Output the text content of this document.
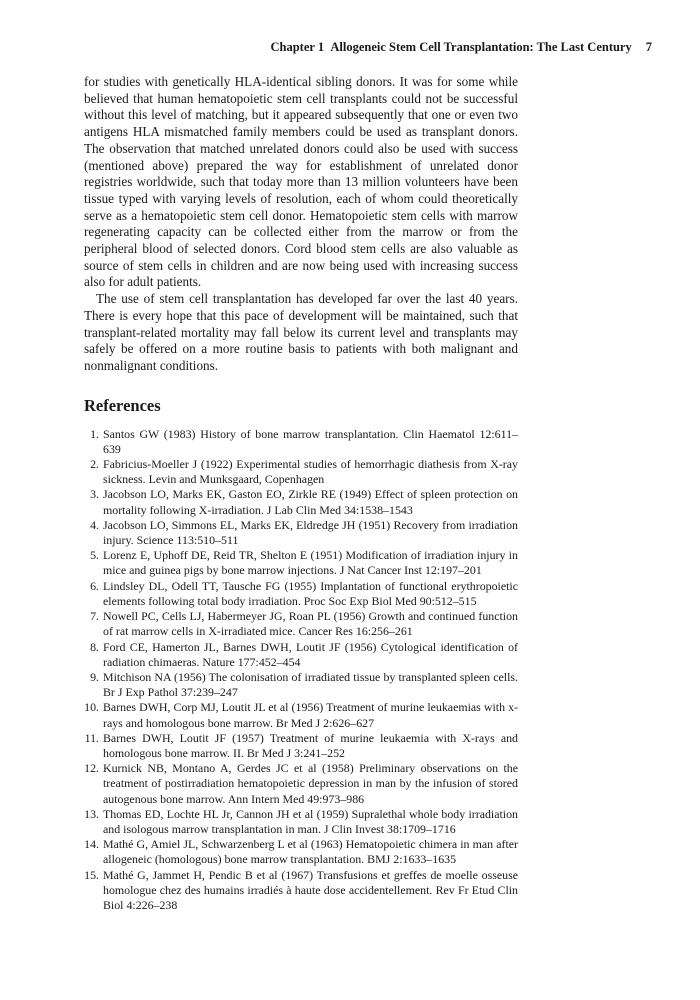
Chapter 1 Allogeneic Stem Cell Transplantation: The Last Century 7

for studies with genetically HLA-identical sibling donors. It was for some while believed that human hematopoietic stem cell transplants could not be successful without this level of matching, but it appeared subsequently that one or even two antigens HLA mismatched family members could be used as transplant donors. The observation that matched unrelated donors could also be used with success (mentioned above) prepared the way for establishment of unrelated donor registries worldwide, such that today more than 13 million volunteers have been tissue typed with varying levels of resolution, each of whom could theoretically serve as a hematopoietic stem cell donor. Hematopoietic stem cells with marrow regenerating capacity can be collected either from the marrow or from the peripheral blood of selected donors. Cord blood stem cells are also valuable as source of stem cells in children and are now being used with increasing success also for adult patients.

The use of stem cell transplantation has developed far over the last 40 years. There is every hope that this pace of development will be maintained, such that transplant-related mortality may fall below its current level and transplants may safely be offered on a more routine basis to patients with both malignant and nonmalignant conditions.

References
1. Santos GW (1983) History of bone marrow transplantation. Clin Haematol 12:611–639
2. Fabricius-Moeller J (1922) Experimental studies of hemorrhagic diathesis from X-ray sickness. Levin and Munksgaard, Copenhagen
3. Jacobson LO, Marks EK, Gaston EO, Zirkle RE (1949) Effect of spleen protection on mortality following X-irradiation. J Lab Clin Med 34:1538–1543
4. Jacobson LO, Simmons EL, Marks EK, Eldredge JH (1951) Recovery from irradiation injury. Science 113:510–511
5. Lorenz E, Uphoff DE, Reid TR, Shelton E (1951) Modification of irradiation injury in mice and guinea pigs by bone marrow injections. J Nat Cancer Inst 12:197–201
6. Lindsley DL, Odell TT, Tausche FG (1955) Implantation of functional erythropoietic elements following total body irradiation. Proc Soc Exp Biol Med 90:512–515
7. Nowell PC, Cells LJ, Habermeyer JG, Roan PL (1956) Growth and continued function of rat marrow cells in X-irradiated mice. Cancer Res 16:256–261
8. Ford CE, Hamerton JL, Barnes DWH, Loutit JF (1956) Cytological identification of radiation chimaeras. Nature 177:452–454
9. Mitchison NA (1956) The colonisation of irradiated tissue by transplanted spleen cells. Br J Exp Pathol 37:239–247
10. Barnes DWH, Corp MJ, Loutit JL et al (1956) Treatment of murine leukaemias with x-rays and homologous bone marrow. Br Med J 2:626–627
11. Barnes DWH, Loutit JF (1957) Treatment of murine leukaemia with X-rays and homologous bone marrow. II. Br Med J 3:241–252
12. Kurnick NB, Montano A, Gerdes JC et al (1958) Preliminary observations on the treatment of postirradiation hematopoietic depression in man by the infusion of stored autogenous bone marrow. Ann Intern Med 49:973–986
13. Thomas ED, Lochte HL Jr, Cannon JH et al (1959) Supralethal whole body irradiation and isologous marrow transplantation in man. J Clin Invest 38:1709–1716
14. Mathé G, Amiel JL, Schwarzenberg L et al (1963) Hematopoietic chimera in man after allogeneic (homologous) bone marrow transplantation. BMJ 2:1633–1635
15. Mathé G, Jammet H, Pendic B et al (1967) Transfusions et greffes de moelle osseuse homologue chez des humains irradiés à haute dose accidentellement. Rev Fr Etud Clin Biol 4:226–238
